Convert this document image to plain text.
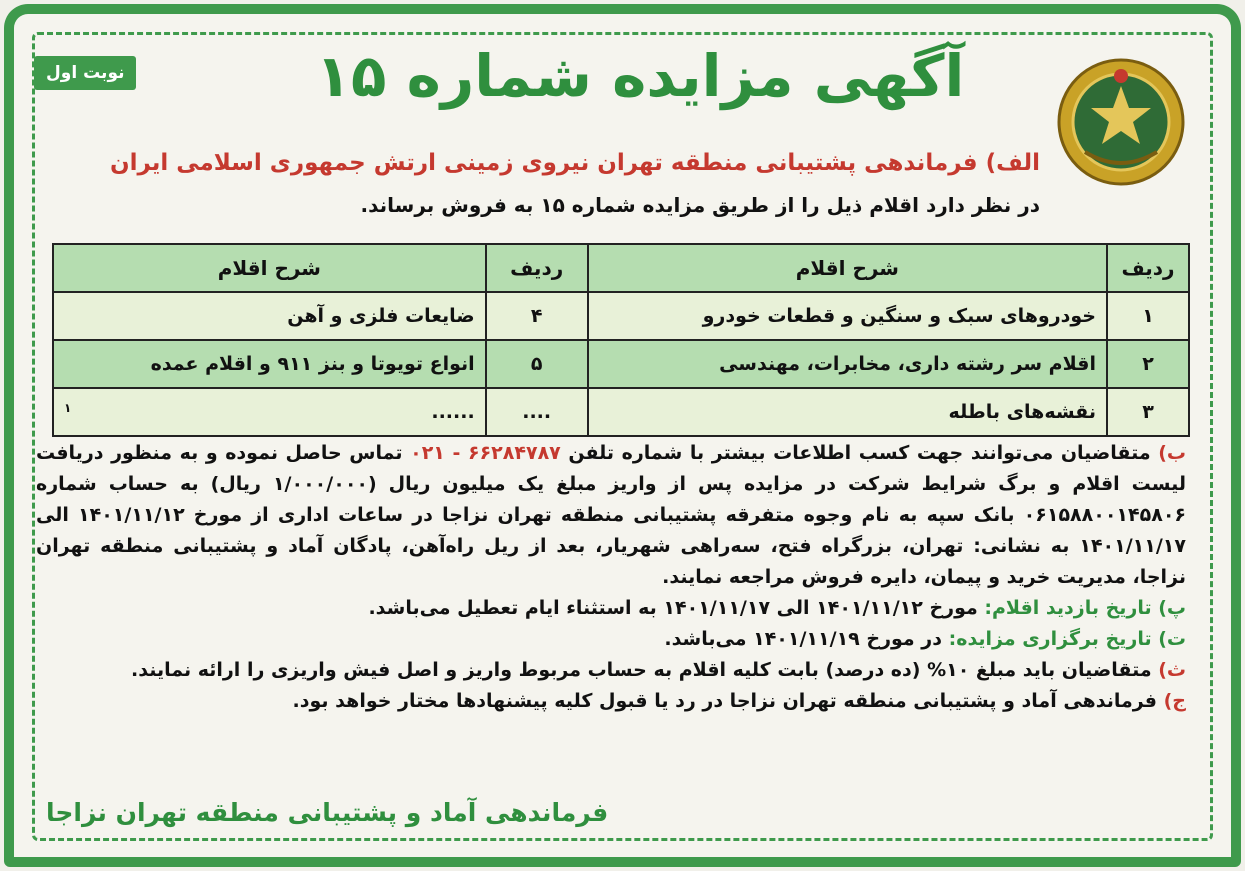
نوبت اول	آگهی مزایده شماره ۱۵
الف) فرماندهی پشتیبانی منطقه تهران نیروی زمینی ارتش جمهوری اسلامی ایران
در نظر دارد اقلام ذیل را از طریق مزایده شماره ۱۵ به فروش برساند.
ردیف	شرح اقلام	ردیف	شرح اقلام
۱	خودروهای سبک و سنگین و قطعات خودرو	۴	ضایعات فلزی و آهن
۲	اقلام سر رشته داری، مخابرات، مهندسی	۵	انواع تویوتا و بنز ۹۱۱ و اقلام عمده
۳	نقشه‌های باطله	....	......
۱

ب) متقاضیان می‌توانند جهت کسب اطلاعات بیشتر با شماره تلفن ۶۶۲۸۴۷۸۷ - ۰۲۱ تماس حاصل نموده و به منظور دریافت لیست اقلام و برگ شرایط شرکت در مزایده پس از واریز مبلغ یک میلیون ریال (۱/۰۰۰/۰۰۰ ریال) به حساب شماره ۰۶۱۵۸۸۰۰۱۴۵۸۰۶ بانک سپه به نام وجوه متفرقه پشتیبانی منطقه تهران نزاجا در ساعات اداری از مورخ ۱۴۰۱/۱۱/۱۲ الی ۱۴۰۱/۱۱/۱۷ به نشانی: تهران، بزرگراه فتح، سه‌راهی شهریار، بعد از ریل راه‌آهن، پادگان آماد و پشتیبانی منطقه تهران نزاجا، مدیریت خرید و پیمان، دایره فروش مراجعه نمایند.

پ) تاریخ بازدید اقلام: مورخ ۱۴۰۱/۱۱/۱۲ الی ۱۴۰۱/۱۱/۱۷ به استثناء ایام تعطیل می‌باشد.

ت) تاریخ برگزاری مزایده: در مورخ ۱۴۰۱/۱۱/۱۹ می‌باشد.

ث) متقاضیان باید مبلغ ۱۰% (ده درصد) بابت کلیه اقلام به حساب مربوط واریز و اصل فیش واریزی را ارائه نمایند.

ج) فرماندهی آماد و پشتیبانی منطقه تهران نزاجا در رد یا قبول کلیه پیشنهادها مختار خواهد بود.

فرماندهی آماد و پشتیبانی منطقه تهران نزاجا
